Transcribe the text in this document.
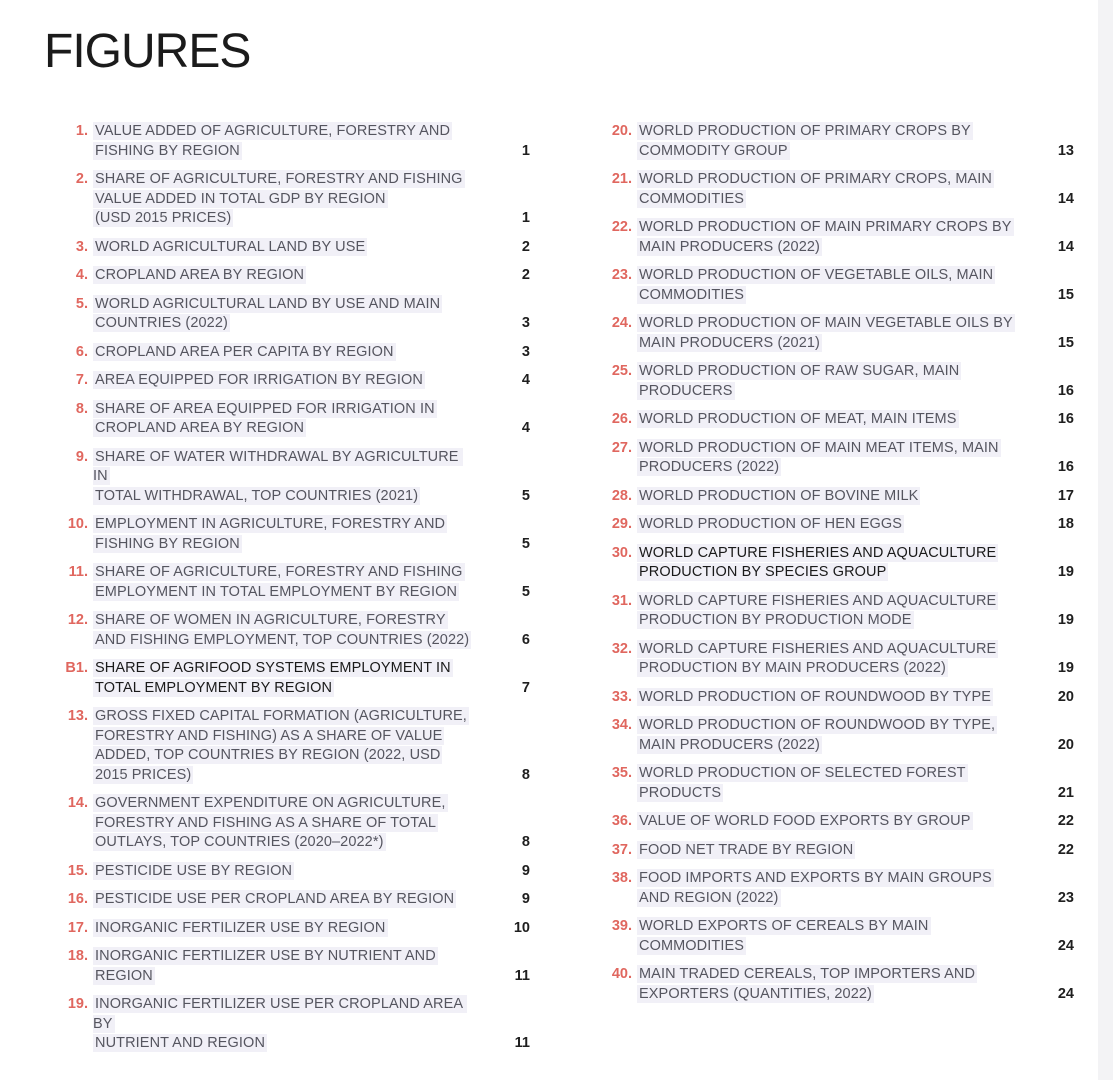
FIGURES
1. VALUE ADDED OF AGRICULTURE, FORESTRY AND
FISHING BY REGION	1
2. SHARE OF AGRICULTURE, FORESTRY AND FISHING
VALUE ADDED IN TOTAL GDP BY REGION
(USD 2015 PRICES)	1
3. WORLD AGRICULTURAL LAND BY USE	2
4. CROPLAND AREA BY REGION	2
5. WORLD AGRICULTURAL LAND BY USE AND MAIN
COUNTRIES (2022)	3
6. CROPLAND AREA PER CAPITA BY REGION	3
7. AREA EQUIPPED FOR IRRIGATION BY REGION	4
8. SHARE OF AREA EQUIPPED FOR IRRIGATION IN
CROPLAND AREA BY REGION	4
9. SHARE OF WATER WITHDRAWAL BY AGRICULTURE IN
TOTAL WITHDRAWAL, TOP COUNTRIES (2021)	5
10. EMPLOYMENT IN AGRICULTURE, FORESTRY AND
FISHING BY REGION	5
11. SHARE OF AGRICULTURE, FORESTRY AND FISHING
EMPLOYMENT IN TOTAL EMPLOYMENT BY REGION	5
12. SHARE OF WOMEN IN AGRICULTURE, FORESTRY
AND FISHING EMPLOYMENT, TOP COUNTRIES (2022)	6
B1. SHARE OF AGRIFOOD SYSTEMS EMPLOYMENT IN
TOTAL EMPLOYMENT BY REGION	7
13. GROSS FIXED CAPITAL FORMATION (AGRICULTURE,
FORESTRY AND FISHING) AS A SHARE OF VALUE
ADDED, TOP COUNTRIES BY REGION (2022, USD
2015 PRICES)	8
14. GOVERNMENT EXPENDITURE ON AGRICULTURE,
FORESTRY AND FISHING AS A SHARE OF TOTAL
OUTLAYS, TOP COUNTRIES (2020–2022*)	8
15. PESTICIDE USE BY REGION	9
16. PESTICIDE USE PER CROPLAND AREA BY REGION	9
17. INORGANIC FERTILIZER USE BY REGION	10
18. INORGANIC FERTILIZER USE BY NUTRIENT AND
REGION	11
19. INORGANIC FERTILIZER USE PER CROPLAND AREA BY
NUTRIENT AND REGION	11
20. WORLD PRODUCTION OF PRIMARY CROPS BY
COMMODITY GROUP	13
21. WORLD PRODUCTION OF PRIMARY CROPS, MAIN
COMMODITIES	14
22. WORLD PRODUCTION OF MAIN PRIMARY CROPS BY
MAIN PRODUCERS (2022)	14
23. WORLD PRODUCTION OF VEGETABLE OILS, MAIN
COMMODITIES	15
24. WORLD PRODUCTION OF MAIN VEGETABLE OILS BY
MAIN PRODUCERS (2021)	15
25. WORLD PRODUCTION OF RAW SUGAR, MAIN
PRODUCERS	16
26. WORLD PRODUCTION OF MEAT, MAIN ITEMS	16
27. WORLD PRODUCTION OF MAIN MEAT ITEMS, MAIN
PRODUCERS (2022)	16
28. WORLD PRODUCTION OF BOVINE MILK	17
29. WORLD PRODUCTION OF HEN EGGS	18
30. WORLD CAPTURE FISHERIES AND AQUACULTURE
PRODUCTION BY SPECIES GROUP	19
31. WORLD CAPTURE FISHERIES AND AQUACULTURE
PRODUCTION BY PRODUCTION MODE	19
32. WORLD CAPTURE FISHERIES AND AQUACULTURE
PRODUCTION BY MAIN PRODUCERS (2022)	19
33. WORLD PRODUCTION OF ROUNDWOOD BY TYPE	20
34. WORLD PRODUCTION OF ROUNDWOOD BY TYPE,
MAIN PRODUCERS (2022)	20
35. WORLD PRODUCTION OF SELECTED FOREST
PRODUCTS	21
36. VALUE OF WORLD FOOD EXPORTS BY GROUP	22
37. FOOD NET TRADE BY REGION	22
38. FOOD IMPORTS AND EXPORTS BY MAIN GROUPS
AND REGION (2022)	23
39. WORLD EXPORTS OF CEREALS BY MAIN
COMMODITIES	24
40. MAIN TRADED CEREALS, TOP IMPORTERS AND
EXPORTERS (QUANTITIES, 2022)	24
